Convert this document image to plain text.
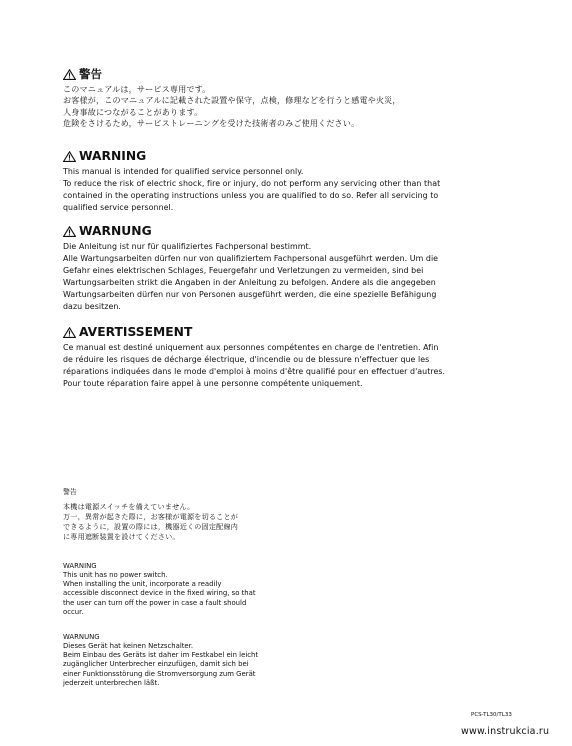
警告
このマニュアルは，サービス専用です。
お客様が，このマニュアルに記載された設置や保守，点検，修理などを行うと感電や火災，
人身事故につながることがあります。
危険をさけるため，サービストレーニングを受けた技術者のみご使用ください。
WARNING
This manual is intended for qualified service personnel only.
To reduce the risk of electric shock, fire or injury, do not perform any servicing other than that
contained in the operating instructions unless you are qualified to do so. Refer all servicing to
qualified service personnel.
WARNUNG
Die Anleitung ist nur für qualifiziertes Fachpersonal bestimmt.
Alle Wartungsarbeiten dürfen nur von qualifiziertem Fachpersonal ausgeführt werden. Um die
Gefahr eines elektrischen Schlages, Feuergefahr und Verletzungen zu vermeiden, sind bei
Wartungsarbeiten strikt die Angaben in der Anleitung zu befolgen. Andere als die angegeben
Wartungsarbeiten dürfen nur von Personen ausgeführt werden, die eine spezielle Befähigung
dazu besitzen.
AVERTISSEMENT
Ce manual est destiné uniquement aux personnes compétentes en charge de l'entretien. Afin
de réduire les risques de décharge électrique, d'incendie ou de blessure n'effectuer que les
réparations indiquées dans le mode d'emploi à moins d'être qualifié pour en effectuer d'autres.
Pour toute réparation faire appel à une personne compétente uniquement.
警告
本機は電源スイッチを備えていません。
万一，異常が起きた際に，お客様が電源を切ることが
できるように，設置の際には，機器近くの固定配線内
に専用遮断装置を設けてください。
WARNING
This unit has no power switch.
When installing the unit, incorporate a readily
accessible disconnect device in the fixed wiring, so that
the user can turn off the power in case a fault should
occur.
WARNUNG
Dieses Gerät hat keinen Netzschalter.
Beim Einbau des Geräts ist daher im Festkabel ein leicht
zugänglicher Unterbrecher einzufügen, damit sich bei
einer Funktionsstörung die Stromversorgung zum Gerät
jederzeit unterbrechen läßt.
PCS-TL30/TL33
www.instrukcia.ru
